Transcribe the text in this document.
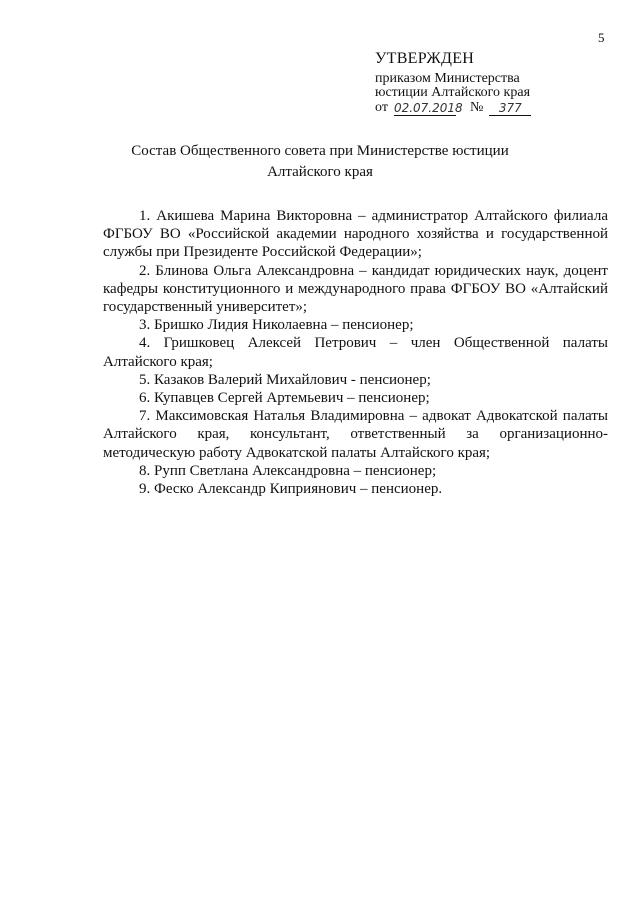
5
УТВЕРЖДЕН
приказом Министерства
юстиции Алтайского края
от 02.07.2018 №	377
Состав Общественного совета при Министерстве юстиции
Алтайского края

1. Акишева Марина Викторовна – администратор Алтайского филиала ФГБОУ ВО «Российской академии народного хозяйства и государственной службы при Президенте Российской Федерации»;

2. Блинова Ольга Александровна – кандидат юридических наук, доцент кафедры конституционного и международного права ФГБОУ ВО «Алтайский государственный университет»;

3. Бришко Лидия Николаевна – пенсионер;

4. Гришковец Алексей Петрович – член Общественной палаты Алтайского края;

5. Казаков Валерий Михайлович - пенсионер;

6. Купавцев Сергей Артемьевич – пенсионер;

7. Максимовская Наталья Владимировна – адвокат Адвокатской палаты Алтайского края, консультант, ответственный за организационно-методическую работу Адвокатской палаты Алтайского края;

8. Рупп Светлана Александровна – пенсионер;

9. Феско Александр Киприянович – пенсионер.
